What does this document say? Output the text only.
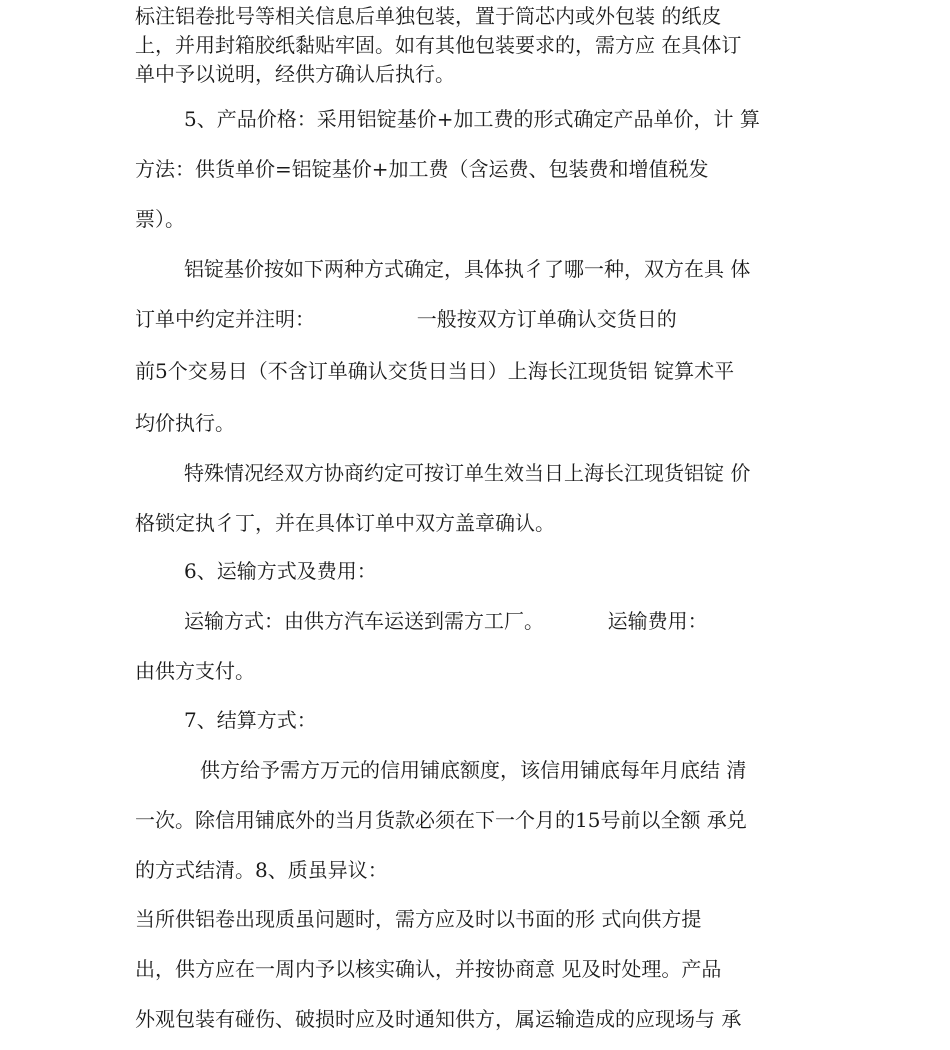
标注铝卷批号等相关信息后单独包装，置于筒芯内或外包装 的纸皮
上，并用封箱胶纸黏贴牢固。如有其他包装要求的，需方应 在具体订
单中予以说明，经供方确认后执行。
5、产品价格：采用铝锭基价+加工费的形式确定产品单价，计 算
方法：供货单价=铝锭基价+加工费（含运费、包装费和增值税发
票）。
铝锭基价按如下两种方式确定，具体执彳了哪一种，双方在具 体
订单中约定并注明：                一般按双方订单确认交货日的
前5个交易日（不含订单确认交货日当日）上海长江现货铝 锭算术平
均价执行。
特殊情况经双方协商约定可按订单生效当日上海长江现货铝锭 价
格锁定执彳丁，并在具体订单中双方盖章确认。
6、运输方式及费用：
运输方式：由供方汽车运送到需方工厂。          运输费用：
由供方支付。
7、结算方式：
供方给予需方万元的信用铺底额度，该信用铺底每年月底结 清
一次。除信用铺底外的当月货款必须在下一个月的15号前以全额 承兑
的方式结清。8、质虽异议：
当所供铝卷出现质虽问题时，需方应及时以书面的形 式向供方提
出，供方应在一周内予以核实确认，并按协商意 见及时处理。产品
外观包装有碰伤、破损时应及时通知供方，属运输造成的应现场与 承
